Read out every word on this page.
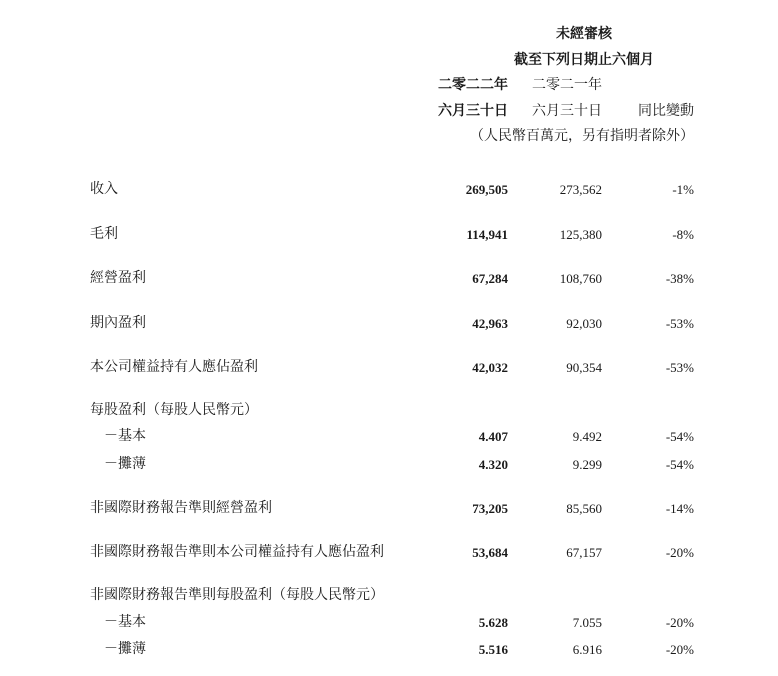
未經審核
截至下列日期止六個月
二零二二年 二零二一年
六月三十日 六月三十日	同比變動
（人民幣百萬元，另有指明者除外）
收入	269,505	273,562	-1%
毛利	114,941	125,380	-8%
經營盈利	67,284	108,760	-38%
期內盈利	42,963	92,030	-53%
本公司權益持有人應佔盈利	42,032	90,354	-53%
每股盈利（每股人民幣元）
－基本	4.407	9.492	-54%
－攤薄	4.320	9.299	-54%
非國際財務報告準則經營盈利	73,205	85,560	-14%
非國際財務報告準則本公司權益持有人應佔盈利	53,684	67,157	-20%
非國際財務報告準則每股盈利（每股人民幣元）
－基本	5.628	7.055	-20%
－攤薄	5.516	6.916	-20%
